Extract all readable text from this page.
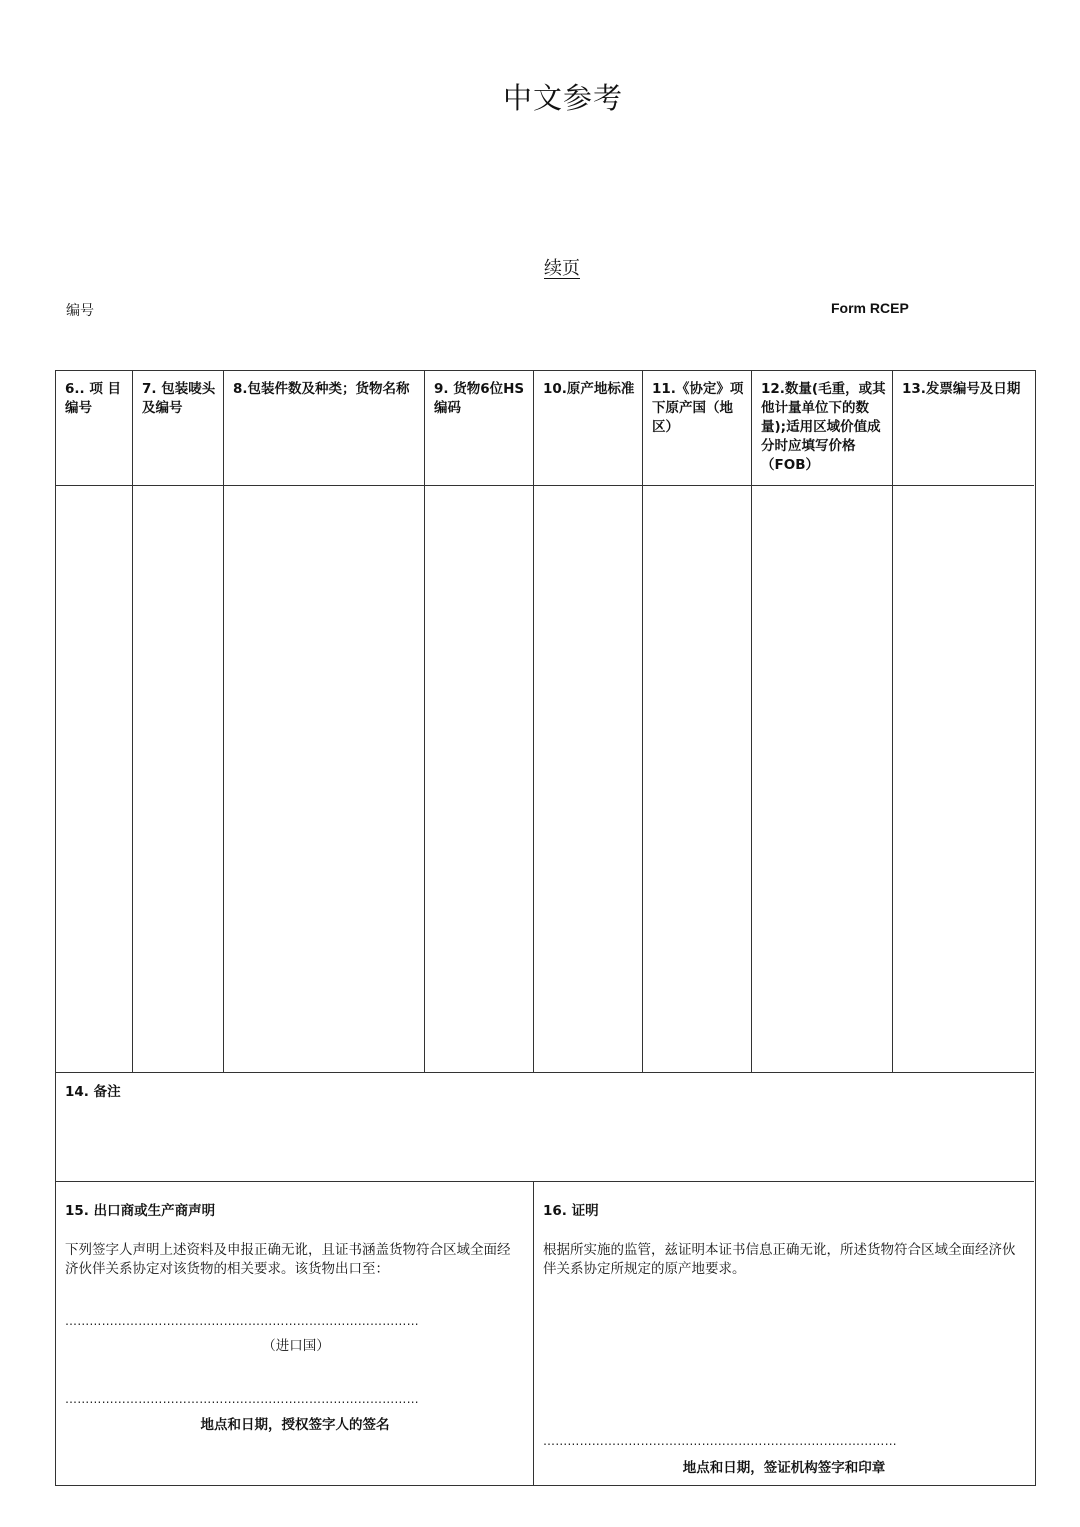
中文参考
续页
编号	Form RCEP
6.. 项 目编号
7. 包装唛头及编号
8.包装件数及种类；货物名称	9. 货物6位HS编码
10.原产地标准 11.《协定》项下原产国（地区）
12.数量(毛重，或其他计量单位下的数量);适用区域价值成分时应填写价格（FOB）
13.发票编号及日期
14. 备注
15. 出口商或生产商声明
下列签字人声明上述资料及申报正确无讹，且证书涵盖货物符合区域全面经济伙伴关系协定对该货物的相关要求。该货物出口至：
……………………………………………………………………………
（进口国）
……………………………………………………………………………
地点和日期，授权签字人的签名
16. 证明
根据所实施的监管，兹证明本证书信息正确无讹，所述货物符合区域全面经济伙伴关系协定所规定的原产地要求。
……………………………………………………………………………
地点和日期，签证机构签字和印章
